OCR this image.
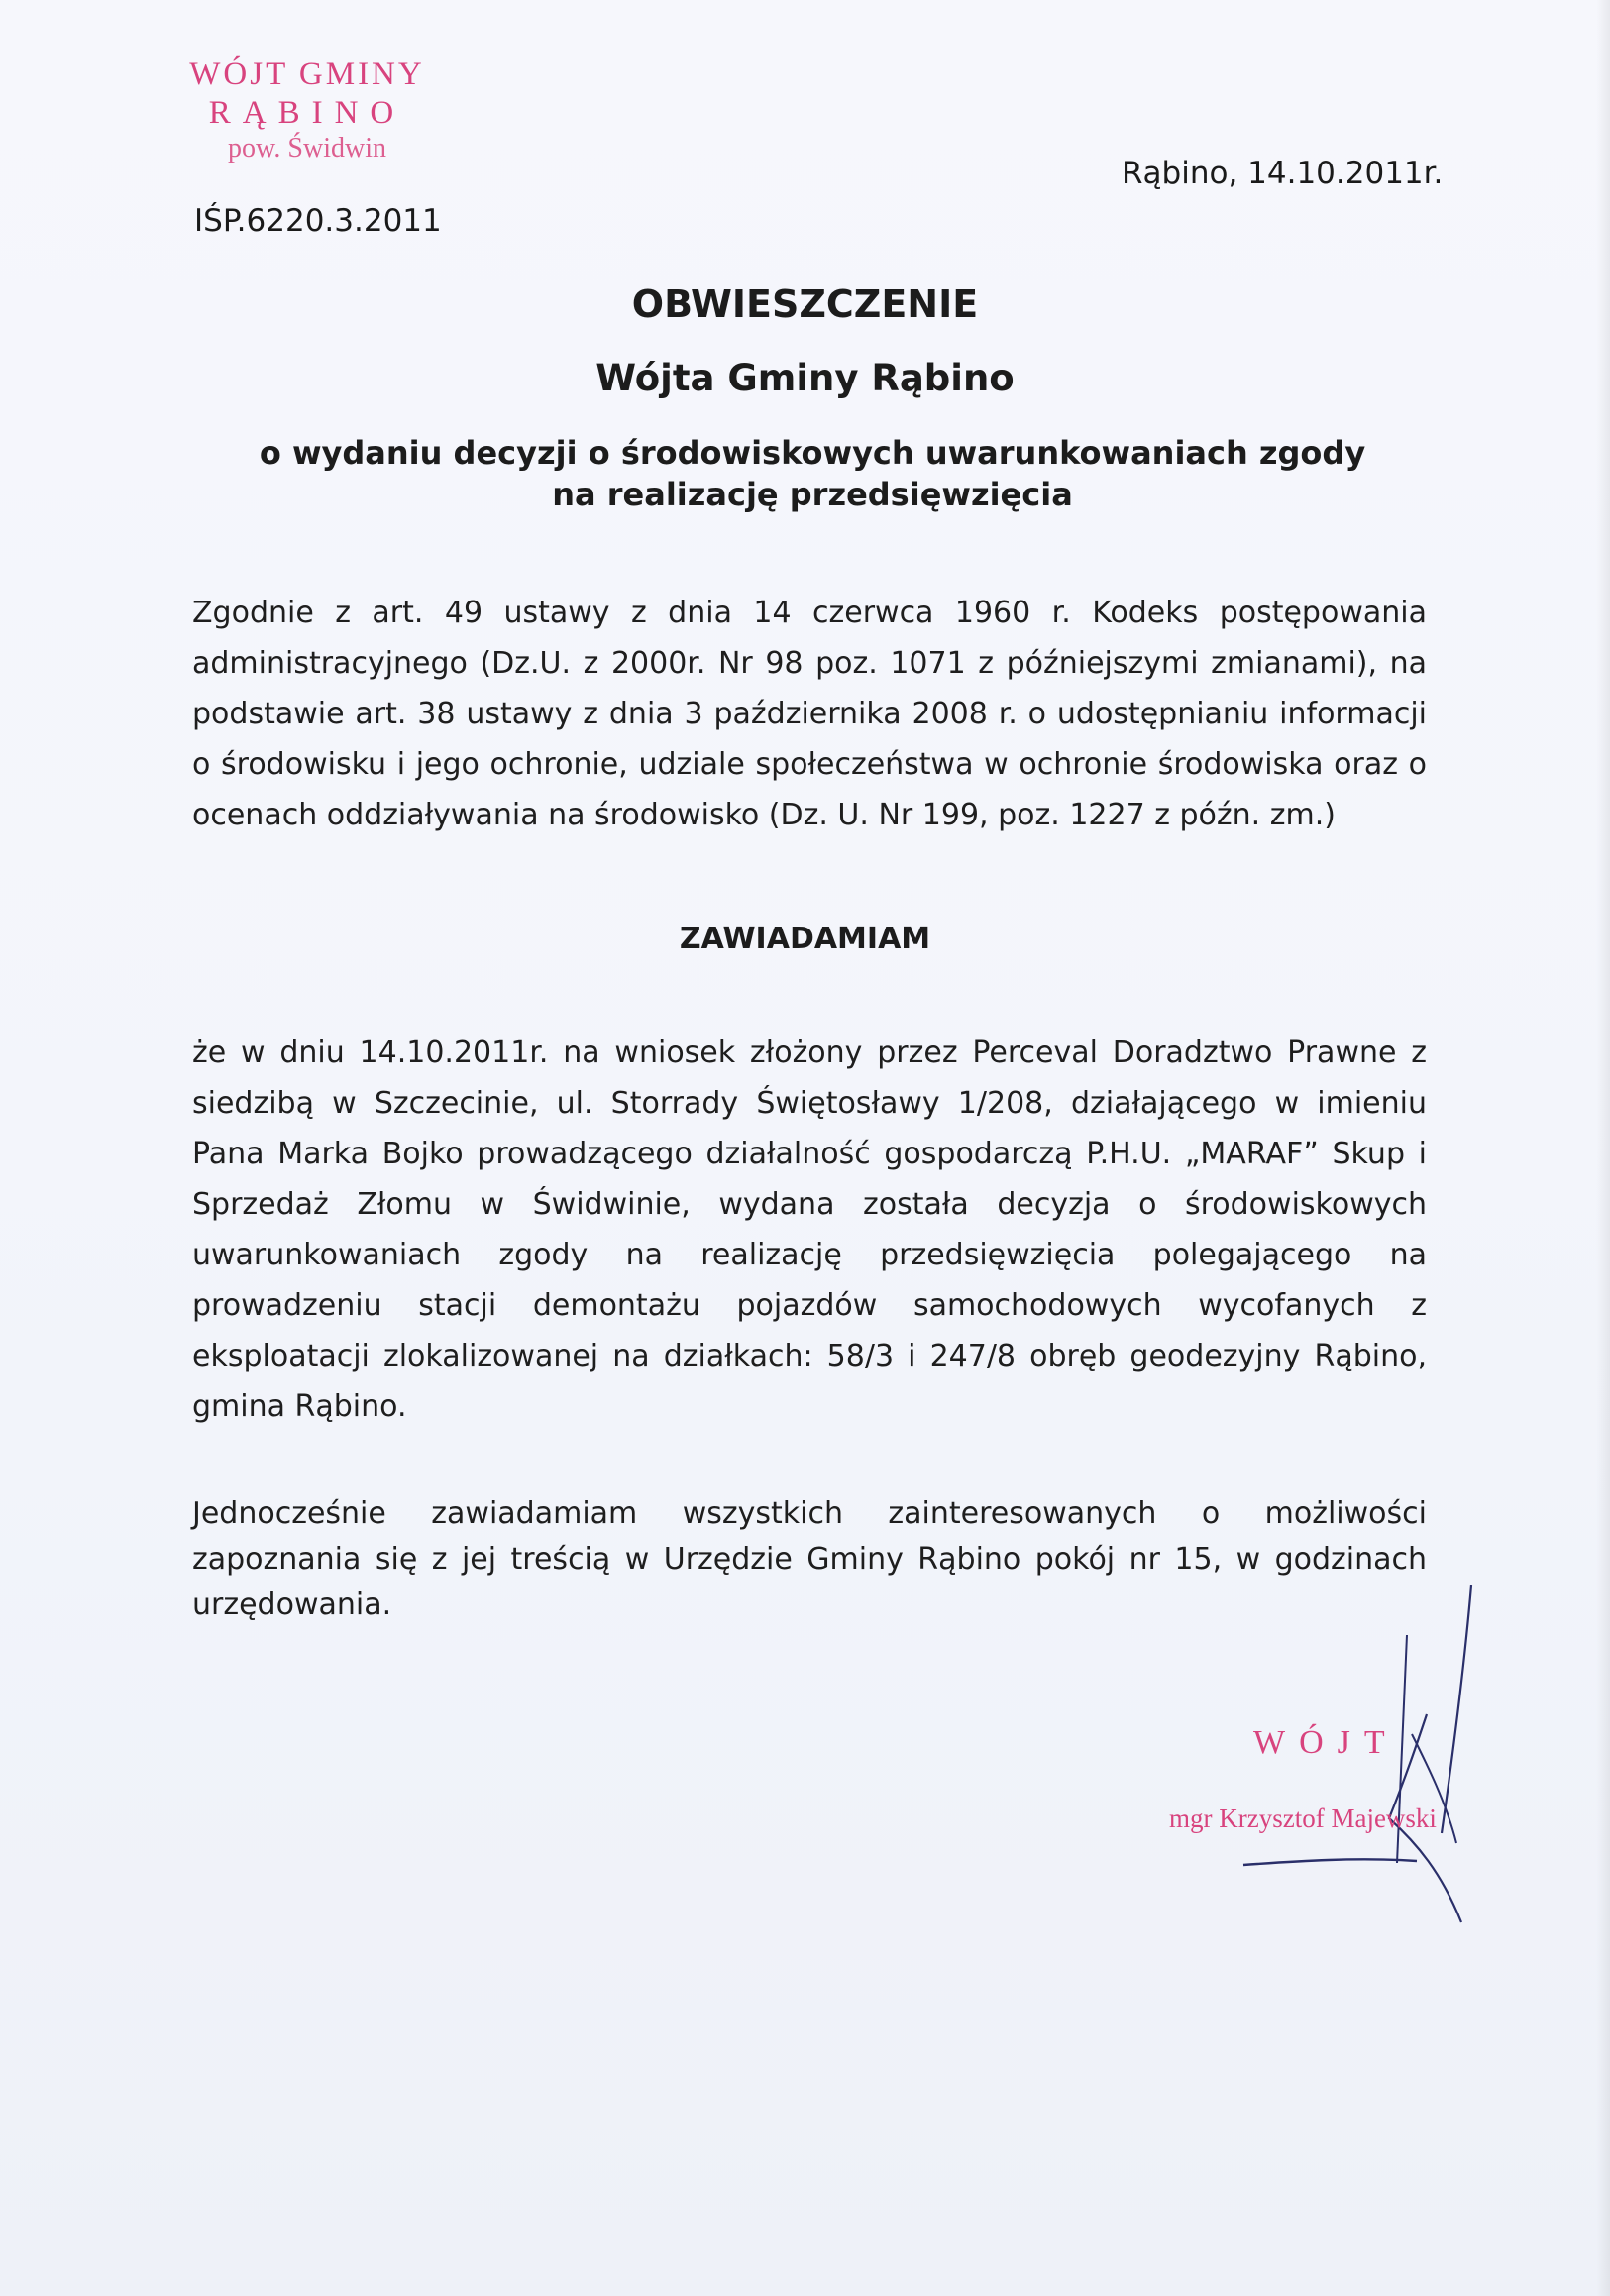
WÓJT GMINY
RĄBINO
pow. Świdwin
IŚP.6220.3.2011
Rąbino, 14.10.2011r.
OBWIESZCZENIE
Wójta Gminy Rąbino
o wydaniu decyzji o środowiskowych uwarunkowaniach zgody na realizację przedsięwzięcia
Zgodnie z art. 49 ustawy z dnia 14 czerwca 1960 r. Kodeks postępowania administracyjnego (Dz.U. z 2000r. Nr 98 poz. 1071 z późniejszymi zmianami), na podstawie art. 38 ustawy z dnia 3 października 2008 r. o udostępnianiu informacji o środowisku i jego ochronie, udziale społeczeństwa w ochronie środowiska oraz o ocenach oddziaływania na środowisko (Dz. U. Nr 199, poz. 1227 z późn. zm.)
ZAWIADAMIAM
że w dniu 14.10.2011r. na wniosek złożony przez Perceval Doradztwo Prawne z siedzibą w Szczecinie, ul. Storrady Świętosławy 1/208, działającego w imieniu Pana Marka Bojko prowadzącego działalność gospodarczą P.H.U. „MARAF” Skup i Sprzedaż Złomu w Świdwinie, wydana została decyzja o środowiskowych uwarunkowaniach zgody na realizację przedsięwzięcia polegającego na prowadzeniu stacji demontażu pojazdów samochodowych wycofanych z eksploatacji zlokalizowanej na działkach: 58/3 i 247/8 obręb geodezyjny Rąbino, gmina Rąbino.
Jednocześnie zawiadamiam wszystkich zainteresowanych o możliwości zapoznania się z jej treścią w Urzędzie Gminy Rąbino pokój nr 15, w godzinach urzędowania.
WÓJT
mgr Krzysztof Majewski
